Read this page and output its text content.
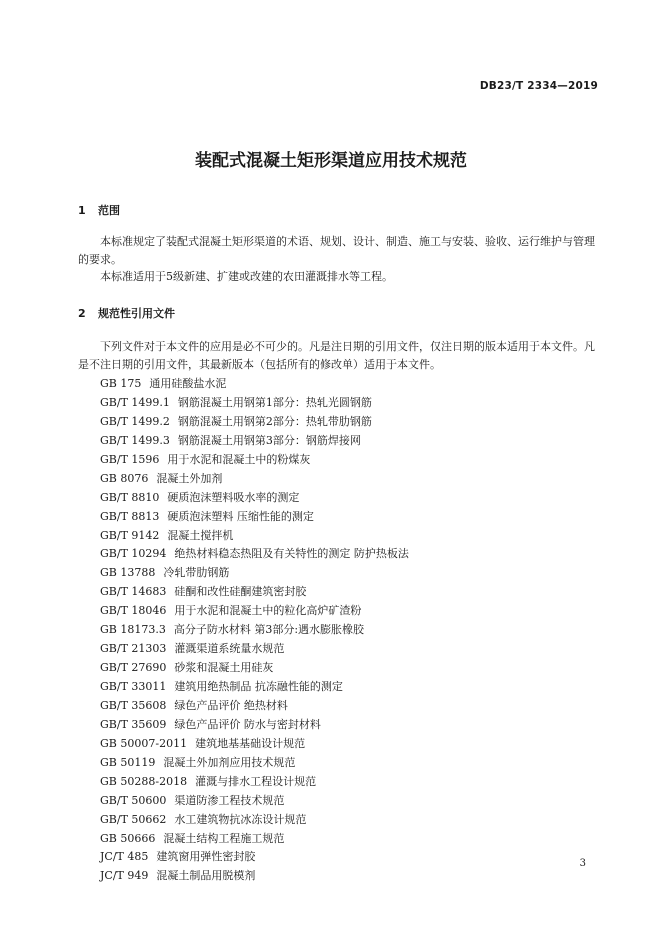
DB23/T 2334—2019
装配式混凝土矩形渠道应用技术规范
1 范围

本标准规定了装配式混凝土矩形渠道的术语、规划、设计、制造、施工与安装、验收、运行维护与管理的要求。

本标准适用于5级新建、扩建或改建的农田灌溉排水等工程。

2 规范性引用文件

下列文件对于本文件的应用是必不可少的。凡是注日期的引用文件，仅注日期的版本适用于本文件。凡是不注日期的引用文件，其最新版本（包括所有的修改单）适用于本文件。

GB 175 通用硅酸盐水泥
GB/T 1499.1 钢筋混凝土用钢第1部分：热轧光圆钢筋
GB/T 1499.2 钢筋混凝土用钢第2部分：热轧带肋钢筋
GB/T 1499.3 钢筋混凝土用钢第3部分：钢筋焊接网
GB/T 1596 用于水泥和混凝土中的粉煤灰
GB 8076 混凝土外加剂
GB/T 8810 硬质泡沫塑料吸水率的测定
GB/T 8813 硬质泡沫塑料 压缩性能的测定
GB/T 9142 混凝土搅拌机
GB/T 10294 绝热材料稳态热阻及有关特性的测定 防护热板法
GB 13788 冷轧带肋钢筋
GB/T 14683 硅酮和改性硅酮建筑密封胶
GB/T 18046 用于水泥和混凝土中的粒化高炉矿渣粉
GB 18173.3 高分子防水材料 第3部分:遇水膨胀橡胶
GB/T 21303 灌溉渠道系统量水规范
GB/T 27690 砂浆和混凝土用硅灰
GB/T 33011 建筑用绝热制品 抗冻融性能的测定
GB/T 35608 绿色产品评价 绝热材料
GB/T 35609 绿色产品评价 防水与密封材料
GB 50007-2011 建筑地基基础设计规范
GB 50119 混凝土外加剂应用技术规范
GB 50288-2018 灌溉与排水工程设计规范
GB/T 50600 渠道防渗工程技术规范
GB/T 50662 水工建筑物抗冰冻设计规范
GB 50666 混凝土结构工程施工规范
JC/T 485 建筑窗用弹性密封胶
JC/T 949 混凝土制品用脱模剂
3
